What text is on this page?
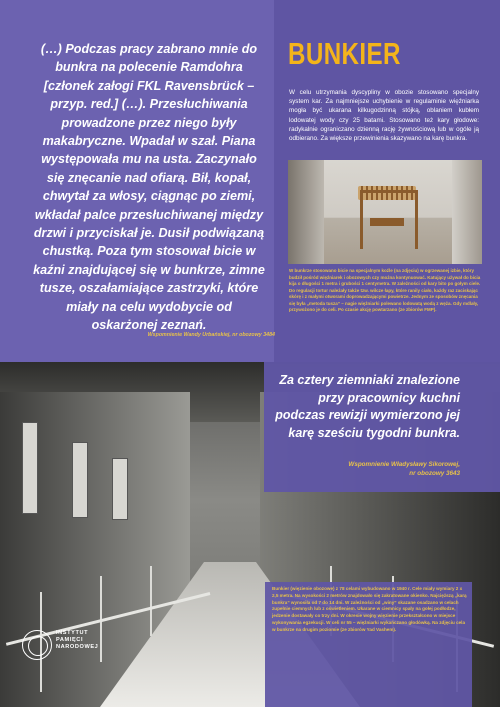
(…) Podczas pracy zabrano mnie do bunkra na polecenie Ramdohra [członek załogi FKL Ravensbrück – przyp. red.] (…). Przesłuchiwania prowadzone przez niego były makabryczne. Wpadał w szał. Piana występowała mu na usta. Zaczynało się znęcanie nad ofiarą. Bił, kopał, chwytał za włosy, ciągnąc po ziemi, wkładał palce przesłuchiwanej między drzwi i przyciskał je. Dusił podwiązaną chustką. Poza tym stosował bicie w kaźni znajdującej się w bunkrze, zimne tusze, oszałamiające zastrzyki, które miały na celu wydobycie od oskarżonej zeznań.

Wspomnienie Wandy Urbańskiej, nr obozowy 3484

BUNKIER

W celu utrzymania dyscypliny w obozie stosowano specjalny system kar. Za najmniejsze uchybienie w regulaminie więźniarka mogła być ukarana kilkugodzinną stójką, oblaniem kubłem lodowatej wody czy 25 batami. Stosowano też kary głodowe: radykalnie ograniczano dzienną rację żywnościową lub w ogóle ją odbierano. Za większe przewinienia skazywano na karę bunkra.

W bunkrze stosowano bicie na specjalnym koźle (na zdjęciu) w ogrzewanej izbie, który budził pośród więźniarek i obozowych czy można kontynuować. Katujący używał do bicia kija o długości 1 metra i grubości 1 centymetra. W zależności od kary bito po gołym ciele. Do regulacji tortur należały także tzw. wilcze łapy, które ranily ciało, każdy raz zaciskając skórę i z małymi otworami doprowadzającymi powietrze. Jednym ze sposobów znęcania się była „metoda tusza” – nagie więźniarki polewano lodowatą wodą z węża. Gdy mdlały, przywożono je do celi. Po czasie akcję powtarzano (ze zbiorów FMP).

Za cztery ziemniaki znalezione przy pracownicy kuchni podczas rewizji wymierzono jej karę sześciu tygodni bunkra.

Wspomnienie Władysławy Sikorowej,
nr obozowy 3643

Bunkier (więzienie obozowe) z 78 celami wybudowano w 1940 r. Cele miały wymiary 2 x 2,5 metra. Na wysokości 2 metrów znajdowało się zakratowane okienko. Najcięższą „karą bunkra” wynosiła od 7 do 14 dni. W zależności od „winy” skazane osadzano w celach zupełnie ciemnych lub z oświetleniem. Ukarane w ciemnicy spały na gołej podłodze, jedzenie dostawały co trzy dni. W okresie wojny więzienie przekształcono w miejsce wykonywania egzekucji. W celi nr 55 – więźniarki wykańczano głodówką. Na zdjęciu cela w bunkrze na drugim poziomie (ze zbiorów Yad Vashem).

INSTYTUT
PAMIĘCI
NARODOWEJ
